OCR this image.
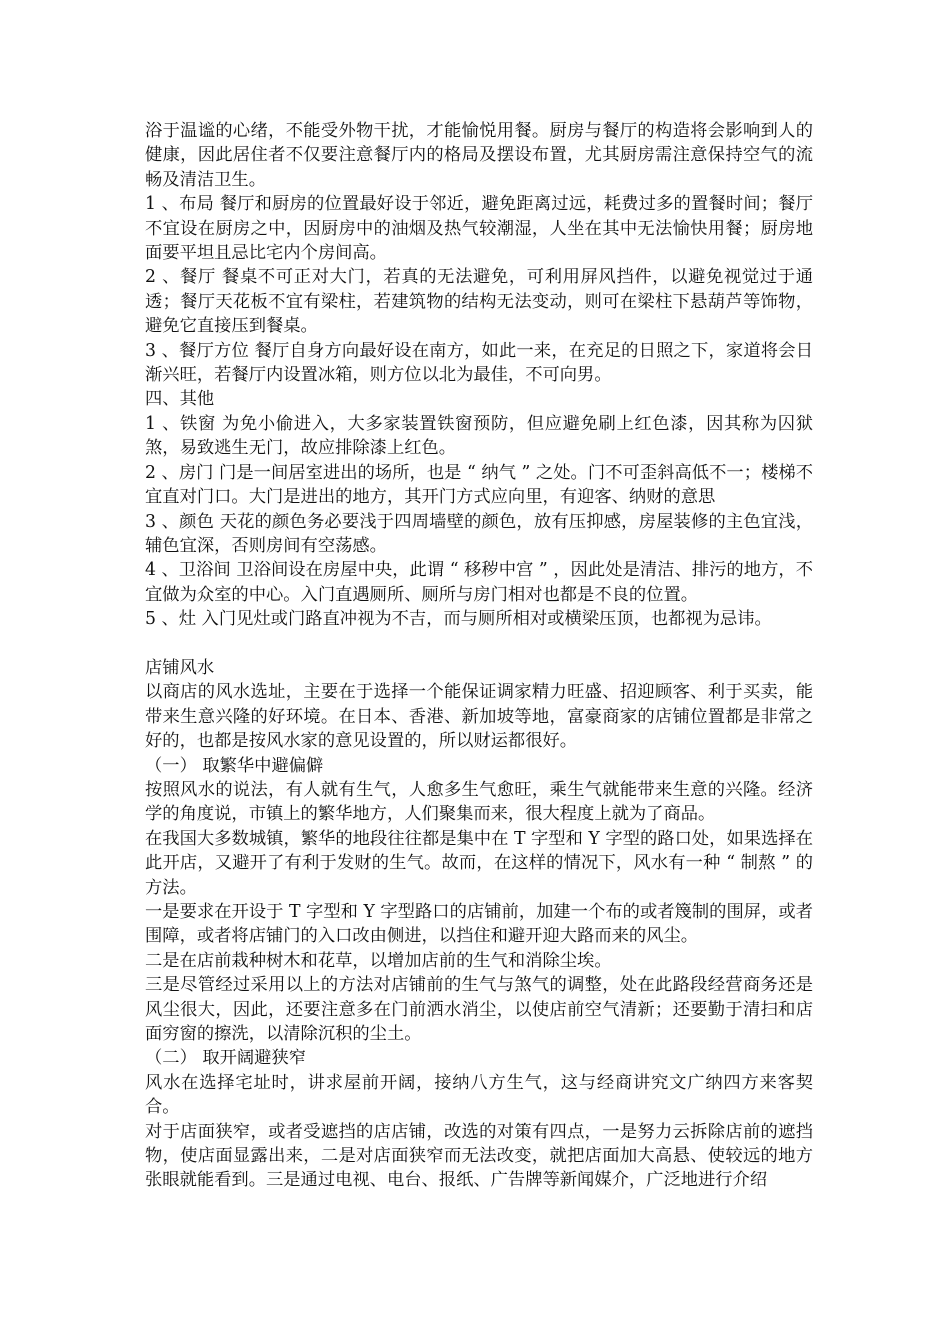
浴于温谧的心绪，不能受外物干扰，才能愉悦用餐。厨房与餐厅的构造将会影响到人的健康，因此居住者不仅要注意餐厅内的格局及摆设布置，尤其厨房需注意保持空气的流畅及清洁卫生。

1 、布局 餐厅和厨房的位置最好设于邻近，避免距离过远，耗费过多的置餐时间；餐厅不宜设在厨房之中，因厨房中的油烟及热气较潮湿，人坐在其中无法愉快用餐；厨房地面要平坦且忌比宅内个房间高。

2 、餐厅 餐桌不可正对大门，若真的无法避免，可利用屏风挡件，以避免视觉过于通透；餐厅天花板不宜有梁柱，若建筑物的结构无法变动，则可在梁柱下悬葫芦等饰物，避免它直接压到餐桌。

3 、餐厅方位 餐厅自身方向最好设在南方，如此一来，在充足的日照之下，家道将会日渐兴旺，若餐厅内设置冰箱，则方位以北为最佳，不可向男。

四、其他

1 、铁窗 为免小偷进入，大多家装置铁窗预防，但应避免刷上红色漆，因其称为囚狱煞，易致逃生无门，故应排除漆上红色。

2 、房门 门是一间居室进出的场所，也是 “ 纳气 ” 之处。门不可歪斜高低不一；楼梯不宜直对门口。大门是进出的地方，其开门方式应向里，有迎客、纳财的意思

3 、颜色 天花的颜色务必要浅于四周墙壁的颜色，放有压抑感，房屋装修的主色宜浅，辅色宜深，否则房间有空荡感。

4 、卫浴间 卫浴间设在房屋中央，此谓 “ 移秽中宫 ” ，因此处是清洁、排污的地方，不宜做为众室的中心。入门直遇厕所、厕所与房门相对也都是不良的位置。

5 、灶 入门见灶或门路直冲视为不吉，而与厕所相对或横梁压顶，也都视为忌讳。

店铺风水

以商店的风水选址，主要在于选择一个能保证调家精力旺盛、招迎顾客、利于买卖，能带来生意兴隆的好环境。在日本、香港、新加坡等地，富豪商家的店铺位置都是非常之好的，也都是按风水家的意见设置的，所以财运都很好。

（一） 取繁华中避偏僻

按照风水的说法，有人就有生气，人愈多生气愈旺，乘生气就能带来生意的兴隆。经济学的角度说，市镇上的繁华地方，人们聚集而来，很大程度上就为了商品。

在我国大多数城镇，繁华的地段往往都是集中在 T 字型和 Y 字型的路口处，如果选择在此开店，又避开了有利于发财的生气。故而，在这样的情况下，风水有一种 “ 制熬 ” 的方法。

一是要求在开设于 T 字型和 Y 字型路口的店铺前，加建一个布的或者篾制的围屏，或者围障，或者将店铺门的入口改由侧进，以挡住和避开迎大路而来的风尘。

二是在店前栽种树木和花草，以增加店前的生气和消除尘埃。

三是尽管经过采用以上的方法对店铺前的生气与煞气的调整，处在此路段经营商务还是风尘很大，因此，还要注意多在门前洒水消尘，以使店前空气清新；还要勤于清扫和店面穷窗的擦洗，以清除沉积的尘土。

（二） 取开阔避狭窄

风水在选择宅址时，讲求屋前开阔，接纳八方生气，这与经商讲究文广纳四方来客契合。

对于店面狭窄，或者受遮挡的店店铺，改选的对策有四点，一是努力云拆除店前的遮挡物，使店面显露出来，二是对店面狭窄而无法改变，就把店面加大高悬、使较远的地方张眼就能看到。三是通过电视、电台、报纸、广告牌等新闻媒介，广泛地进行介绍
